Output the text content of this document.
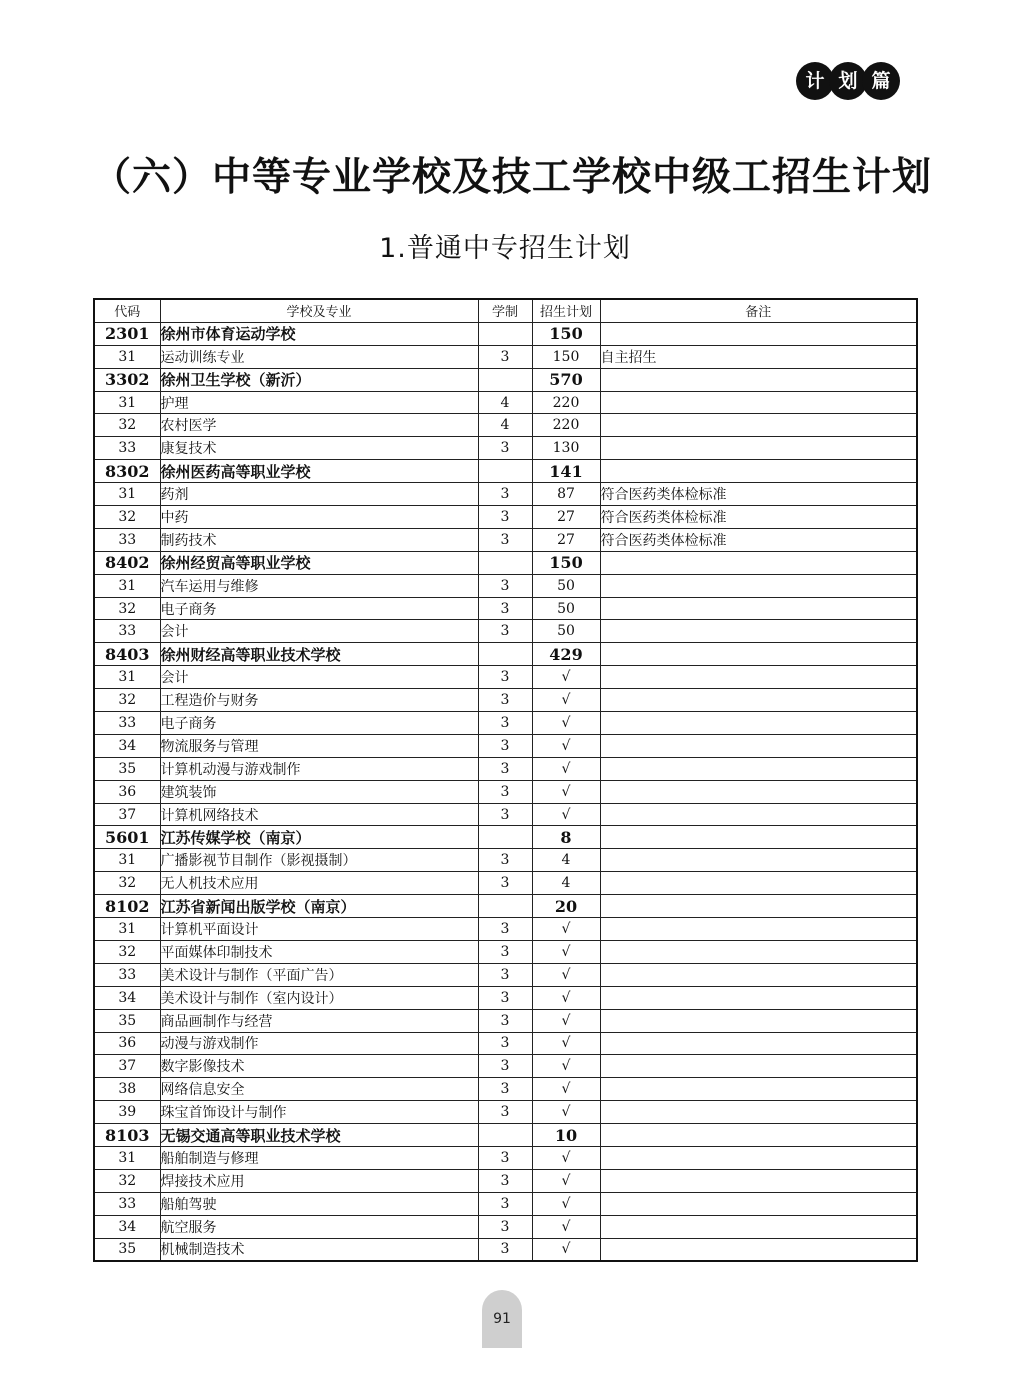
计 划 篇
（六）中等专业学校及技工学校中级工招生计划
1.普通中专招生计划
代码	学校及专业	学制	招生计划	备注
2301	徐州市体育运动学校		150	
31	运动训练专业	3	150	自主招生
3302	徐州卫生学校（新沂）		570	
31	护理	4	220	
32	农村医学	4	220	
33	康复技术	3	130	
8302	徐州医药高等职业学校		141	
31	药剂	3	87	符合医药类体检标准
32	中药	3	27	符合医药类体检标准
33	制药技术	3	27	符合医药类体检标准
8402	徐州经贸高等职业学校		150	
31	汽车运用与维修	3	50	
32	电子商务	3	50	
33	会计	3	50	
8403	徐州财经高等职业技术学校		429	
31	会计	3	√	
32	工程造价与财务	3	√	
33	电子商务	3	√	
34	物流服务与管理	3	√	
35	计算机动漫与游戏制作	3	√	
36	建筑装饰	3	√	
37	计算机网络技术	3	√	
5601	江苏传媒学校（南京）		8	
31	广播影视节目制作（影视摄制）	3	4	
32	无人机技术应用	3	4	
8102	江苏省新闻出版学校（南京）		20	
31	计算机平面设计	3	√	
32	平面媒体印制技术	3	√	
33	美术设计与制作（平面广告）	3	√	
34	美术设计与制作（室内设计）	3	√	
35	商品画制作与经营	3	√	
36	动漫与游戏制作	3	√	
37	数字影像技术	3	√	
38	网络信息安全	3	√	
39	珠宝首饰设计与制作	3	√	
8103	无锡交通高等职业技术学校		10	
31	船舶制造与修理	3	√	
32	焊接技术应用	3	√	
33	船舶驾驶	3	√	
34	航空服务	3	√	
35	机械制造技术	3	√	
91
